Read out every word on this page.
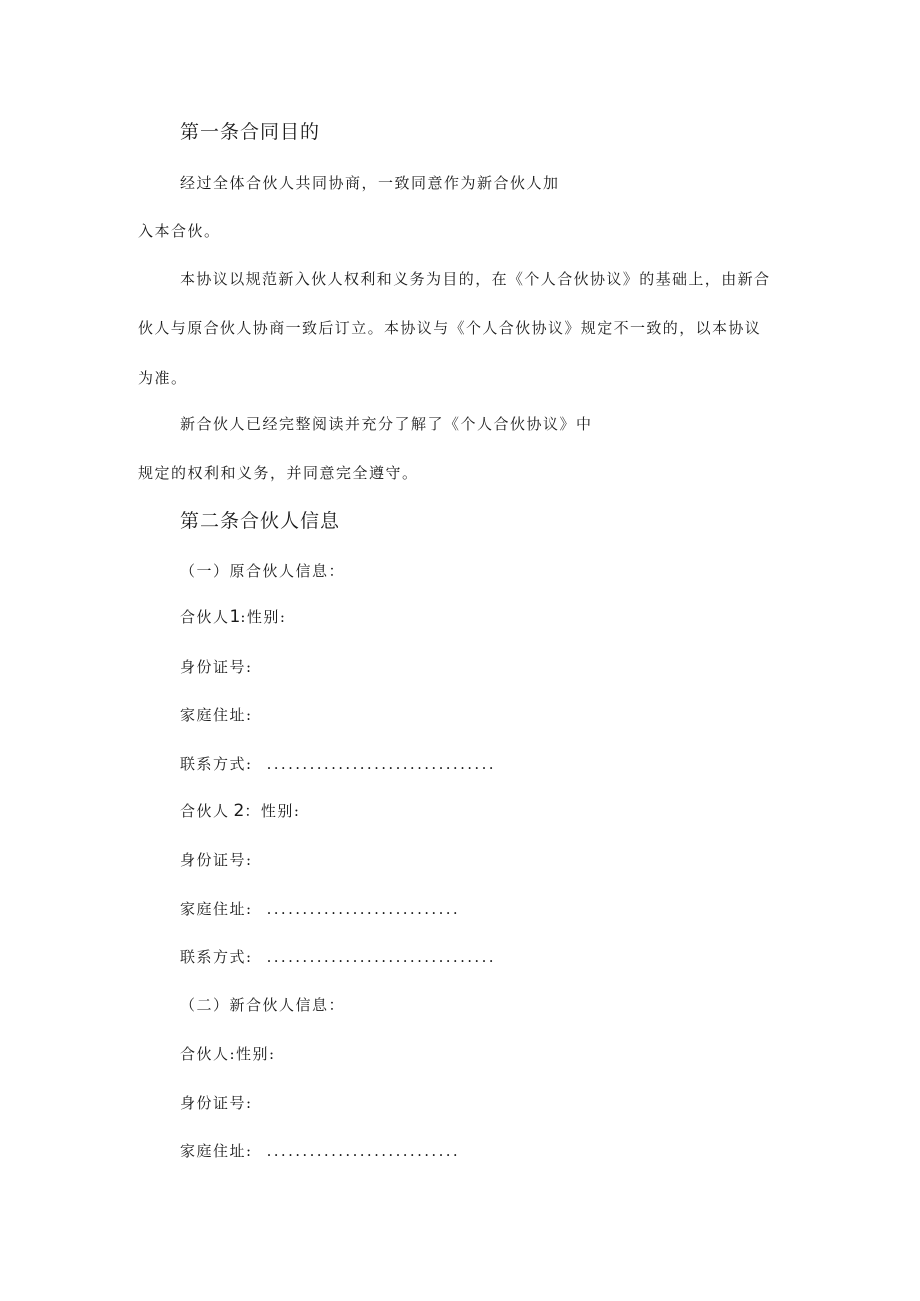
第一条合同目的
经过全体合伙人共同协商，一致同意作为新合伙人加
入本合伙。
本协议以规范新入伙人权利和义务为目的，在《个人合伙协议》的基础上，由新合
伙人与原合伙人协商一致后订立。本协议与《个人合伙协议》规定不一致的，以本协议
为准。
新合伙人已经完整阅读并充分了解了《个人合伙协议》中
规定的权利和义务，并同意完全遵守。
第二条合伙人信息
（一）原合伙人信息：
合伙人1:性别:
身份证号:
家庭住址:
联系方式: ................................
合伙人 2：性别:
身份证号:
家庭住址: ...........................
联系方式: ................................
（二）新合伙人信息：
合伙人:性别:
身份证号:
家庭住址: ...........................
